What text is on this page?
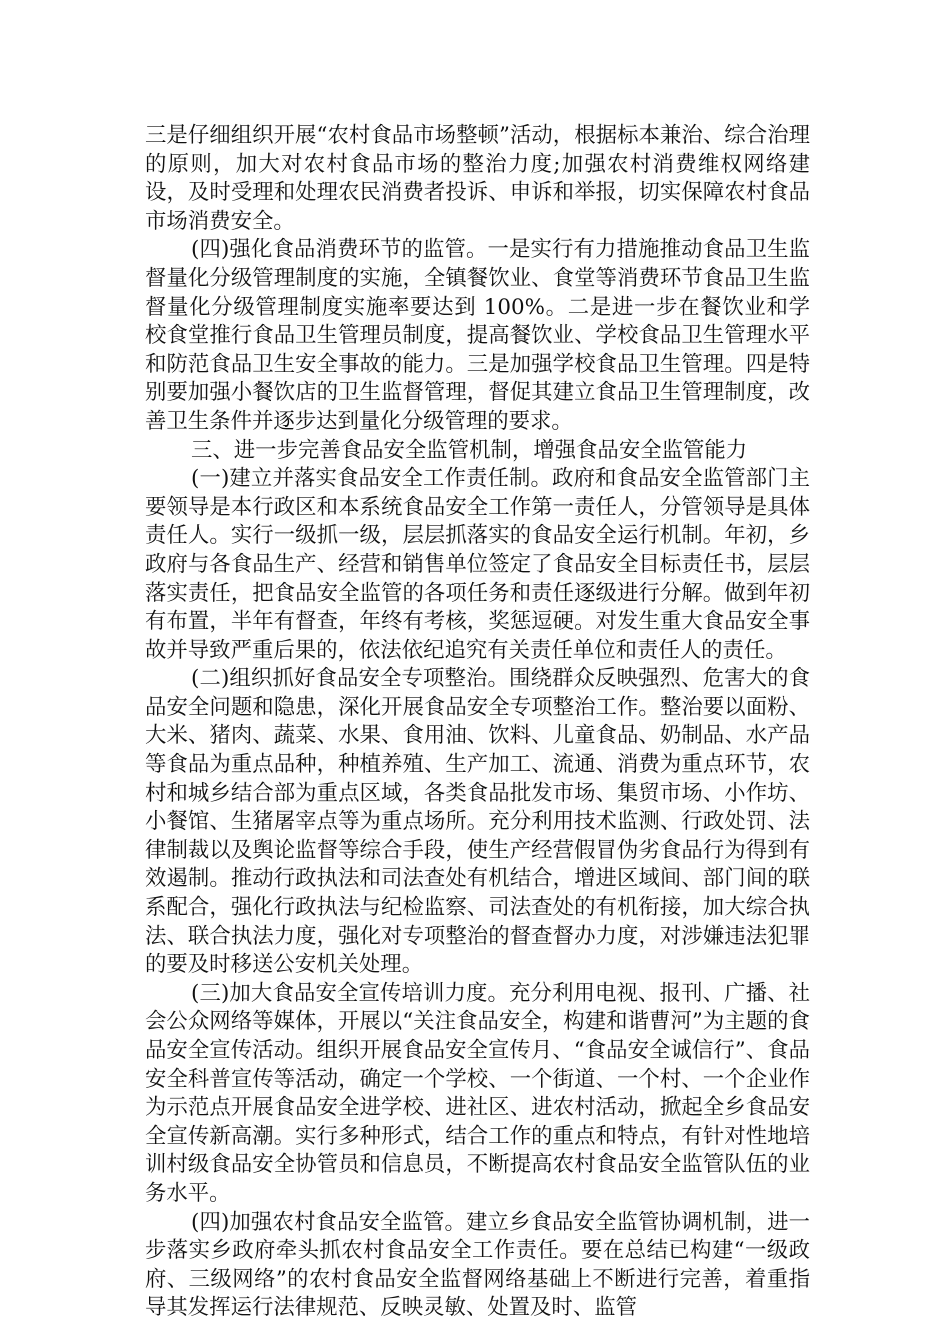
三是仔细组织开展“农村食品市场整顿”活动，根据标本兼治、综合治理的原则，加大对农村食品市场的整治力度;加强农村消费维权网络建设，及时受理和处理农民消费者投诉、申诉和举报，切实保障农村食品市场消费安全。

(四)强化食品消费环节的监管。一是实行有力措施推动食品卫生监督量化分级管理制度的实施，全镇餐饮业、食堂等消费环节食品卫生监督量化分级管理制度实施率要达到 100%。二是进一步在餐饮业和学校食堂推行食品卫生管理员制度，提高餐饮业、学校食品卫生管理水平和防范食品卫生安全事故的能力。三是加强学校食品卫生管理。四是特别要加强小餐饮店的卫生监督管理，督促其建立食品卫生管理制度，改善卫生条件并逐步达到量化分级管理的要求。

三、进一步完善食品安全监管机制，增强食品安全监管能力

(一)建立并落实食品安全工作责任制。政府和食品安全监管部门主要领导是本行政区和本系统食品安全工作第一责任人，分管领导是具体责任人。实行一级抓一级，层层抓落实的食品安全运行机制。年初，乡政府与各食品生产、经营和销售单位签定了食品安全目标责任书，层层落实责任，把食品安全监管的各项任务和责任逐级进行分解。做到年初有布置，半年有督查，年终有考核，奖惩逗硬。对发生重大食品安全事故并导致严重后果的，依法依纪追究有关责任单位和责任人的责任。

(二)组织抓好食品安全专项整治。围绕群众反映强烈、危害大的食品安全问题和隐患，深化开展食品安全专项整治工作。整治要以面粉、大米、猪肉、蔬菜、水果、食用油、饮料、儿童食品、奶制品、水产品等食品为重点品种，种植养殖、生产加工、流通、消费为重点环节，农村和城乡结合部为重点区域，各类食品批发市场、集贸市场、小作坊、小餐馆、生猪屠宰点等为重点场所。充分利用技术监测、行政处罚、法律制裁以及舆论监督等综合手段，使生产经营假冒伪劣食品行为得到有效遏制。推动行政执法和司法查处有机结合，增进区域间、部门间的联系配合，强化行政执法与纪检监察、司法查处的有机衔接，加大综合执法、联合执法力度，强化对专项整治的督查督办力度，对涉嫌违法犯罪的要及时移送公安机关处理。

(三)加大食品安全宣传培训力度。充分利用电视、报刊、广播、社会公众网络等媒体，开展以“关注食品安全，构建和谐曹河”为主题的食品安全宣传活动。组织开展食品安全宣传月、“食品安全诚信行”、食品安全科普宣传等活动，确定一个学校、一个街道、一个村、一个企业作为示范点开展食品安全进学校、进社区、进农村活动，掀起全乡食品安全宣传新高潮。实行多种形式，结合工作的重点和特点，有针对性地培训村级食品安全协管员和信息员，不断提高农村食品安全监管队伍的业务水平。

(四)加强农村食品安全监管。建立乡食品安全监管协调机制，进一步落实乡政府牵头抓农村食品安全工作责任。要在总结已构建“一级政府、三级网络”的农村食品安全监督网络基础上不断进行完善，着重指导其发挥运行法律规范、反映灵敏、处置及时、监管
